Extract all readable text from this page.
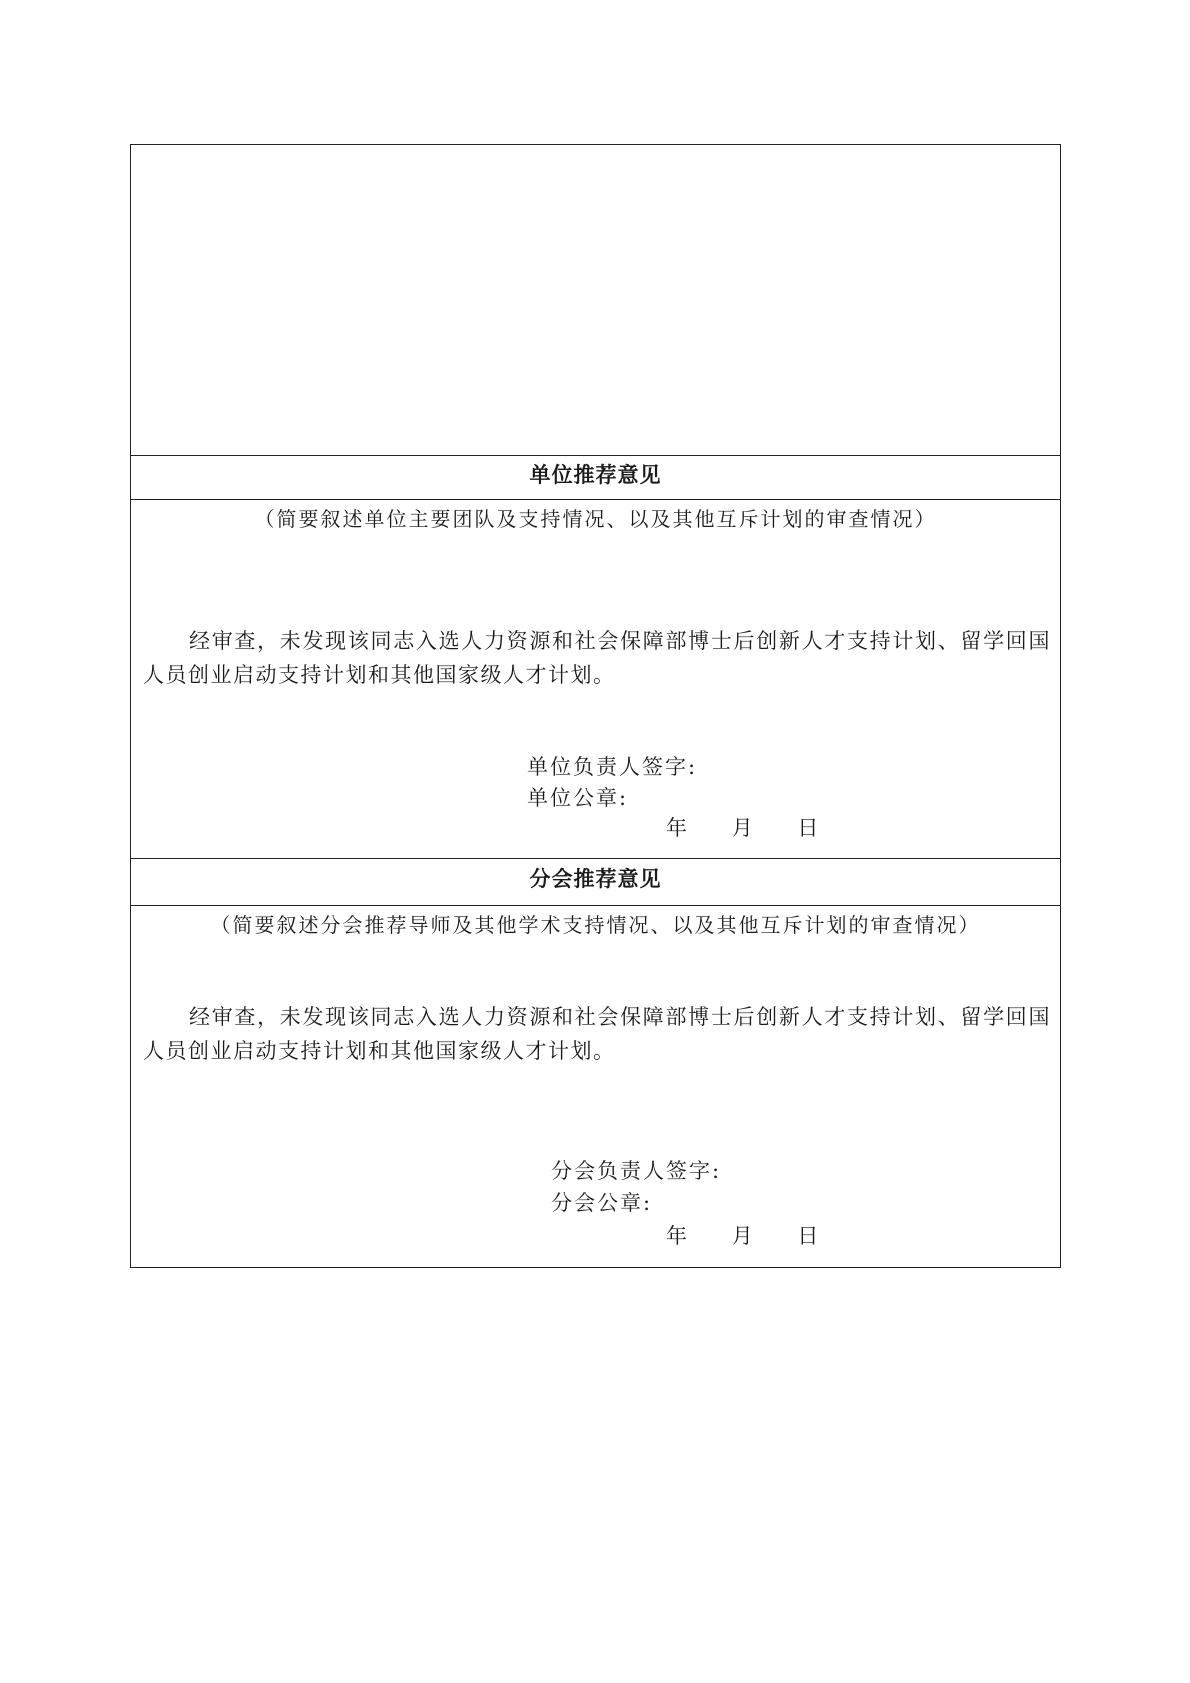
单位推荐意见
（简要叙述单位主要团队及支持情况、以及其他互斥计划的审查情况）
经审查，未发现该同志入选人力资源和社会保障部博士后创新人才支持计划、留学回国人员创业启动支持计划和其他国家级人才计划。
单位负责人签字:
单位公章:
年 月 日
分会推荐意见
（简要叙述分会推荐导师及其他学术支持情况、以及其他互斥计划的审查情况）
经审查，未发现该同志入选人力资源和社会保障部博士后创新人才支持计划、留学回国人员创业启动支持计划和其他国家级人才计划。
分会负责人签字:
分会公章:
年 月 日
